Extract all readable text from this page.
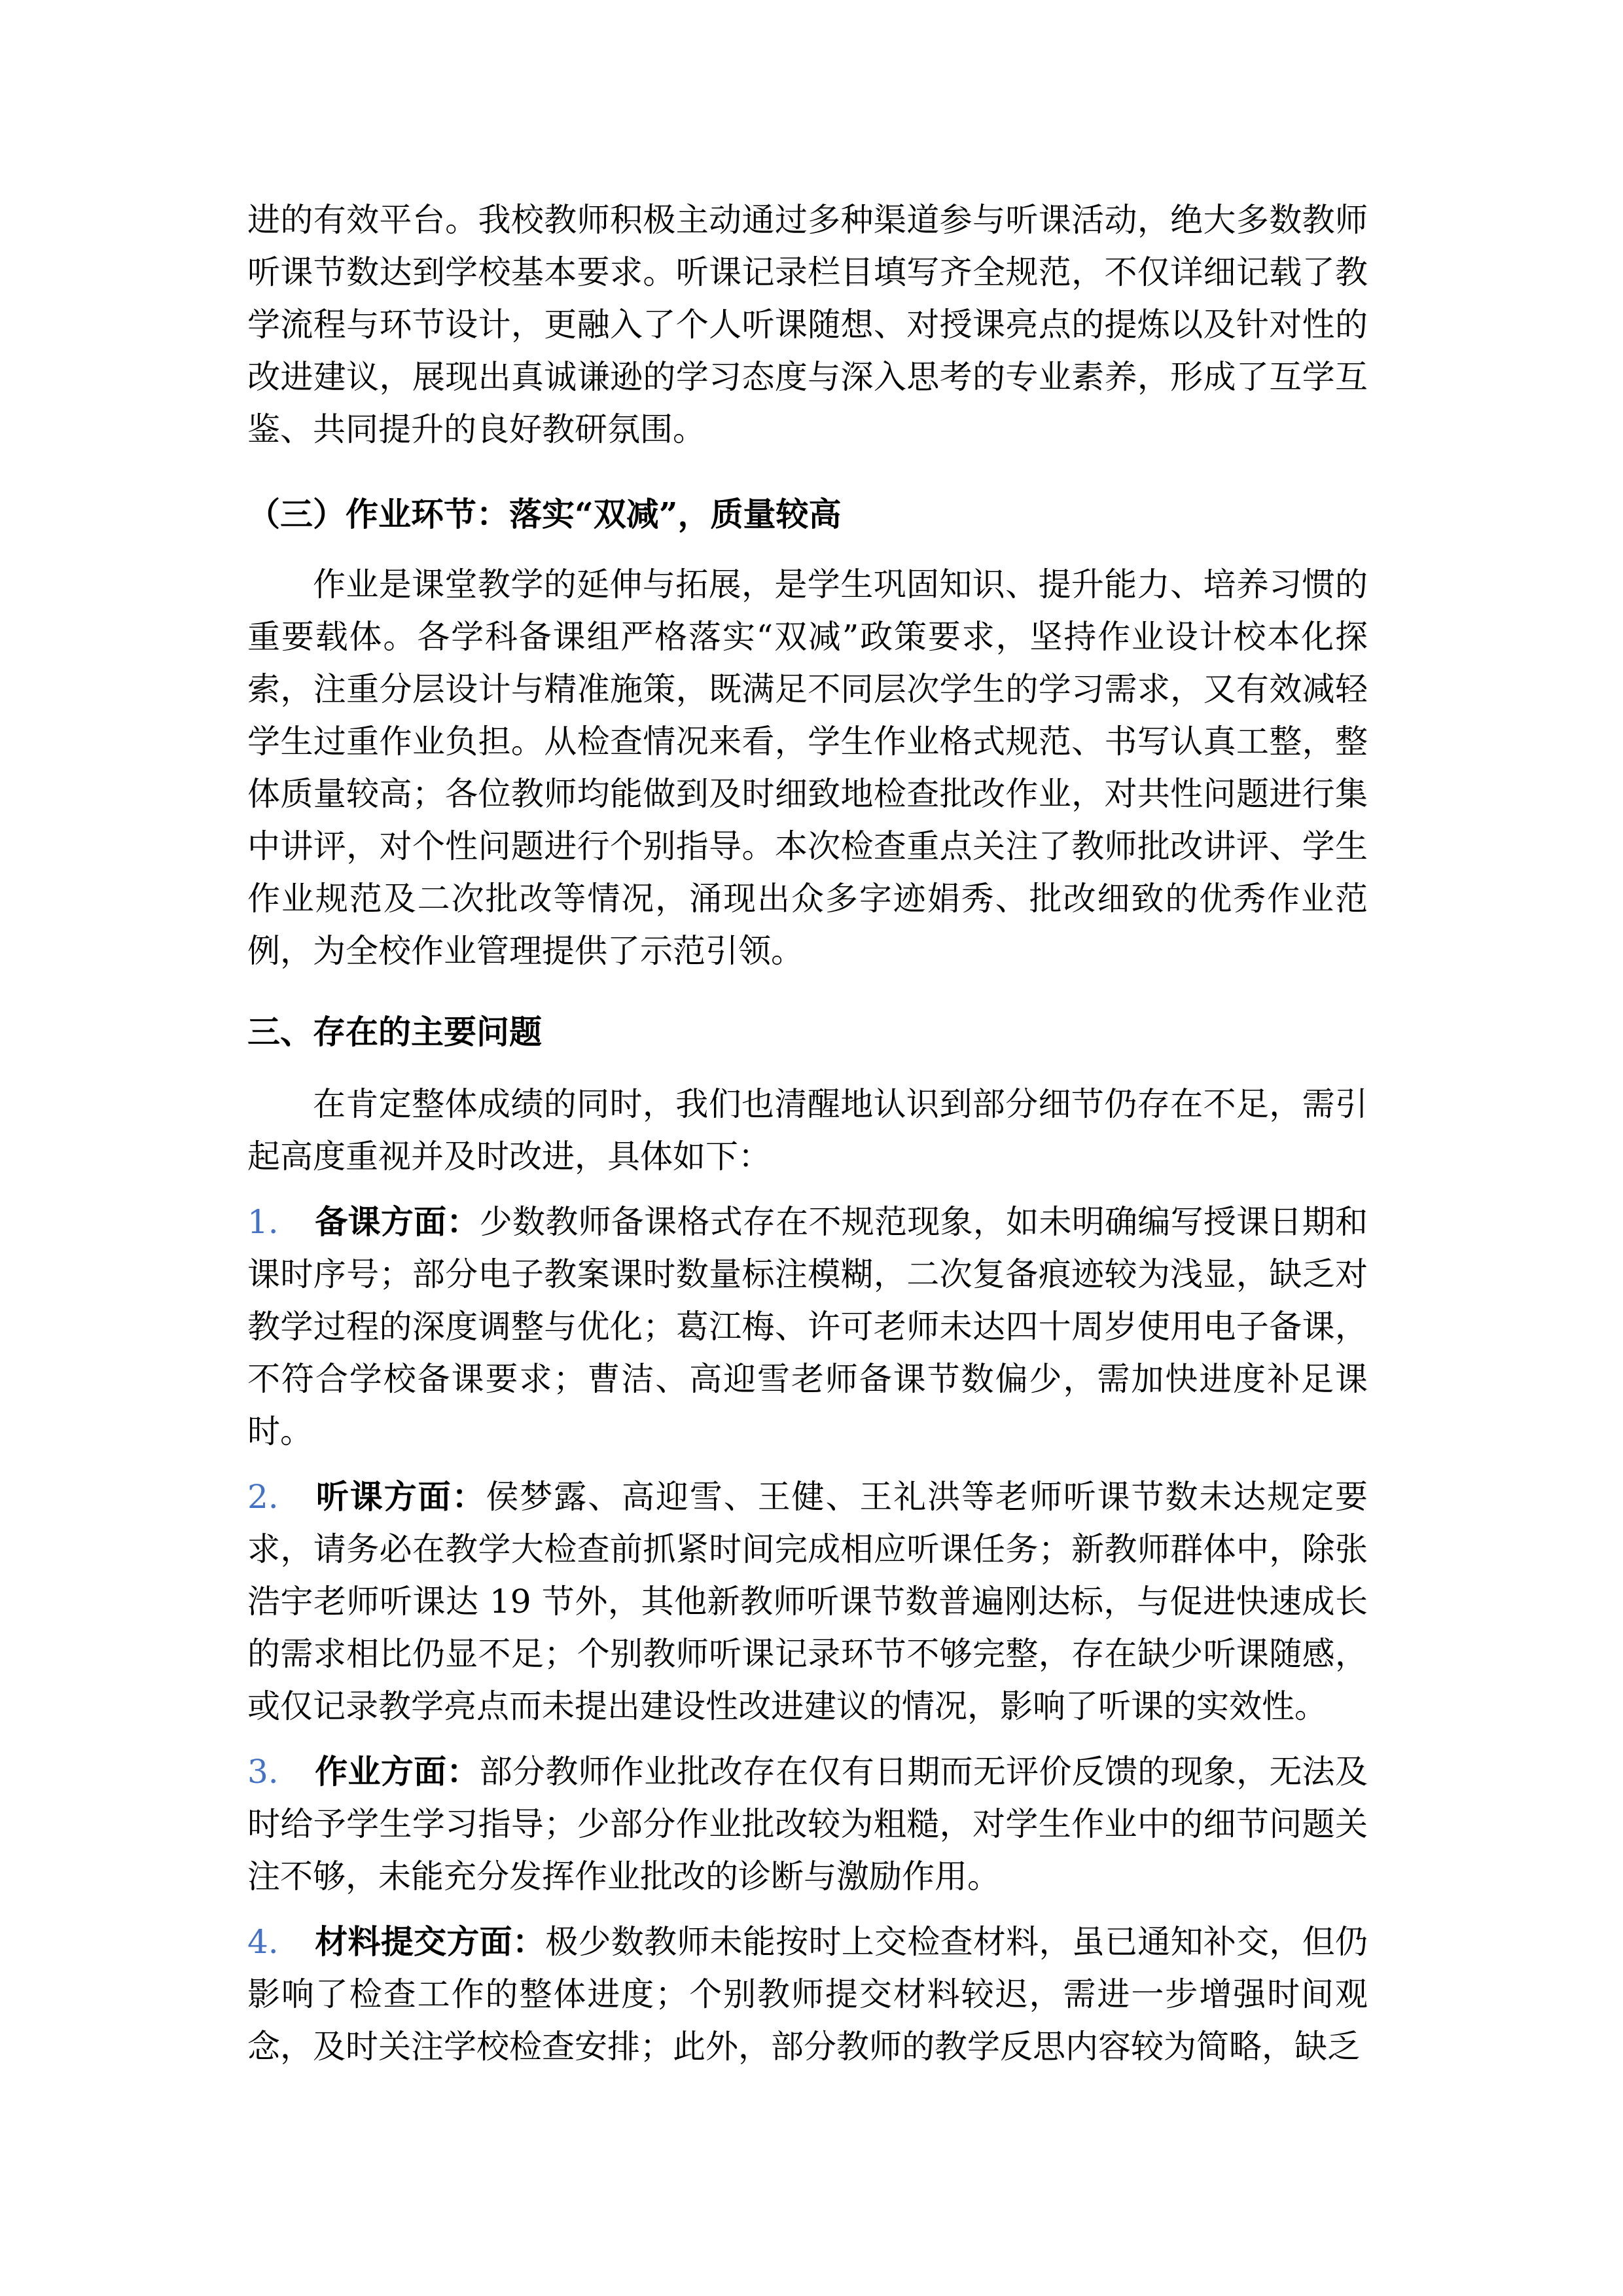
进的有效平台。我校教师积极主动通过多种渠道参与听课活动，绝大多数教师听课节数达到学校基本要求。听课记录栏目填写齐全规范，不仅详细记载了教学流程与环节设计，更融入了个人听课随想、对授课亮点的提炼以及针对性的改进建议，展现出真诚谦逊的学习态度与深入思考的专业素养，形成了互学互鉴、共同提升的良好教研氛围。

（三）作业环节：落实“双减”，质量较高

作业是课堂教学的延伸与拓展，是学生巩固知识、提升能力、培养习惯的重要载体。各学科备课组严格落实“双减”政策要求，坚持作业设计校本化探索，注重分层设计与精准施策，既满足不同层次学生的学习需求，又有效减轻学生过重作业负担。从检查情况来看，学生作业格式规范、书写认真工整，整体质量较高；各位教师均能做到及时细致地检查批改作业，对共性问题进行集中讲评，对个性问题进行个别指导。本次检查重点关注了教师批改讲评、学生作业规范及二次批改等情况，涌现出众多字迹娟秀、批改细致的优秀作业范例，为全校作业管理提供了示范引领。

三、存在的主要问题

在肯定整体成绩的同时，我们也清醒地认识到部分细节仍存在不足，需引起高度重视并及时改进，具体如下：

1. 备课方面：少数教师备课格式存在不规范现象，如未明确编写授课日期和课时序号；部分电子教案课时数量标注模糊，二次复备痕迹较为浅显，缺乏对教学过程的深度调整与优化；葛江梅、许可老师未达四十周岁使用电子备课，不符合学校备课要求；曹洁、高迎雪老师备课节数偏少，需加快进度补足课时。

2. 听课方面：侯梦露、高迎雪、王健、王礼洪等老师听课节数未达规定要求，请务必在教学大检查前抓紧时间完成相应听课任务；新教师群体中，除张浩宇老师听课达 19 节外，其他新教师听课节数普遍刚达标，与促进快速成长的需求相比仍显不足；个别教师听课记录环节不够完整，存在缺少听课随感，或仅记录教学亮点而未提出建设性改进建议的情况，影响了听课的实效性。

3. 作业方面：部分教师作业批改存在仅有日期而无评价反馈的现象，无法及时给予学生学习指导；少部分作业批改较为粗糙，对学生作业中的细节问题关注不够，未能充分发挥作业批改的诊断与激励作用。

4. 材料提交方面：极少数教师未能按时上交检查材料，虽已通知补交，但仍影响了检查工作的整体进度；个别教师提交材料较迟，需进一步增强时间观念，及时关注学校检查安排；此外，部分教师的教学反思内容较为简略，缺乏
